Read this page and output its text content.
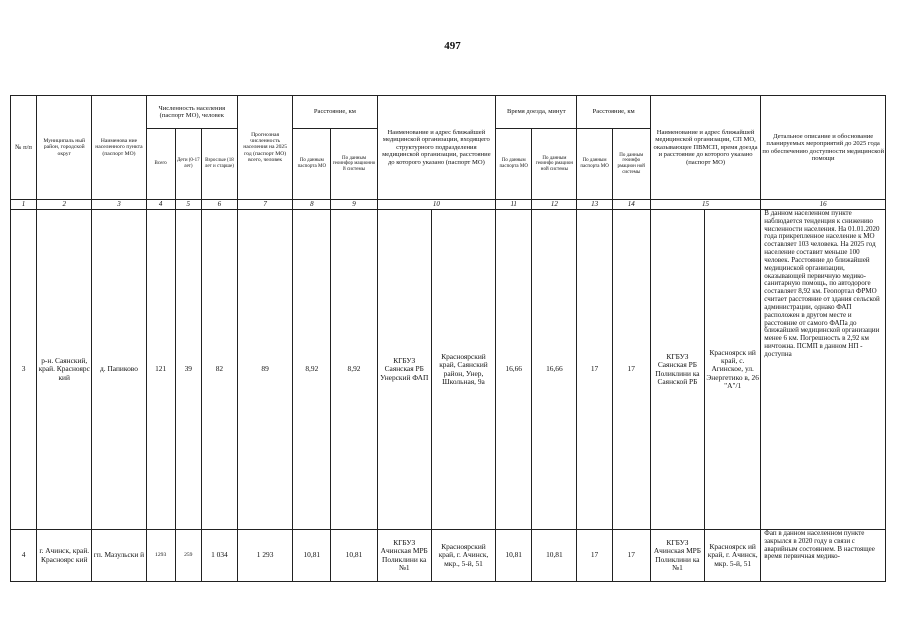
497
№ п/п	Муниципаль ный район, городской округ	Наименова ние населенного пункта (паспорт МО)	Численность населения (паспорт МО), человек			Прогнозная численность населения на 2025 год (паспорт МО) всего, человек	Расстояние, км		Наименование и адрес ближайшей медицинской организации, входящего структурного подразделения медицинской организации, расстояние до которого указано (паспорт МО)		Время доезда, минут		Расстояние, км		Наименование и адрес ближайшей медицинской организации, СП МО, оказывающее ПВМСП, время доезда и расстояние до которого указано (паспорт МО)		Детальное описание и обоснование планируемых мероприятий до 2025 года по обеспечению доступности медицинской помощи
			Всего	Дети (0-17 лет)	Взрослые (18 лет и старше)		По данным паспорта МО	По данным геоинфор мационно й системы			По данным паспорта МО	По данным геоинфо рмацион ной системы	По данным паспорта МО	По данным геоинфо рмацион ной системы			
1	2	3	4	5	6	7	8	9	10		11	12	13	14	15		16
3	р-н. Саянский, край. Красноярс кий	д. Папиково	121	39	82	89	8,92	8,92	КГБУЗ Саянская РБ Унерский ФАП	Красноярский край, Саянский район, Унер, Школьная, 9а	16,66	16,66	17	17	КГБУЗ Саянская РБ Поликлини ка Саянской РБ	Красноярск ий край, с. Агинское, ул. Энергетико в, 26 "А"/1	В данном населенном пункте наблюдается тенденция к снижению численности населения. На 01.01.2020 года прикрепленное население к МО составляет 103 человека. На 2025 год население составит меньше 100 человек. Расстояние до ближайшей медицинской организации, оказывающей первичную медико-санитарную помощь, по автодороге составляет 8,92 км. Геопортал ФРМО считает расстояние от здания сельской администрации, однако ФАП расположен в другом месте и расстояние от самого ФАПа до ближайшей медицинской организации менее 6 км. Погрешность в 2,92 км ничтожна. ПСМП в данном НП - доступна
4	г. Ачинск, край. Красноярс кий	гп. Мазульски й	1293	259	1 034	1 293	10,81	10,81	КГБУЗ Ачинская МРБ Поликлини ка №1	Красноярский край, г. Ачинск, мкр., 5-й, 51	10,81	10,81	17	17	КГБУЗ Ачинская МРБ Поликлини ка №1	Красноярск ий край, г. Ачинск, мкр. 5-й, 51	Фап в данном населенном пункте закрылся в 2020 году в связи с аварийным состоянием. В настоящее время первичная медико-
